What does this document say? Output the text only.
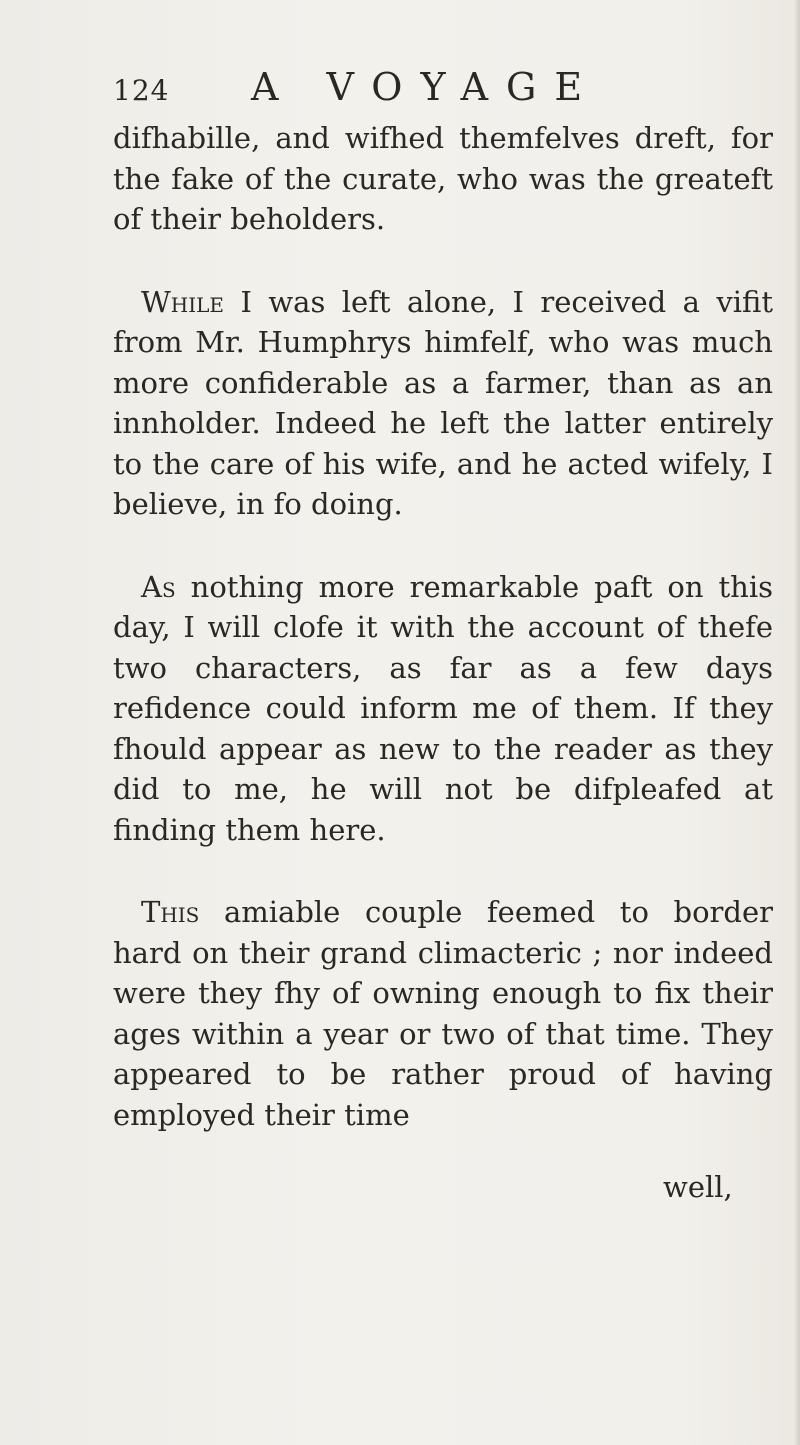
124 A VOYAGE

difhabille, and wifhed themfelves dreft, for the fake of the curate, who was the greateft of their beholders.

While I was left alone, I received a vifit from Mr. Humphrys himfelf, who was much more confiderable as a farmer, than as an innholder. Indeed he left the latter entirely to the care of his wife, and he acted wifely, I believe, in fo doing.

As nothing more remarkable paft on this day, I will clofe it with the account of thefe two characters, as far as a few days refidence could inform me of them. If they fhould appear as new to the reader as they did to me, he will not be difpleafed at finding them here.

This amiable couple feemed to border hard on their grand climacteric ; nor indeed were they fhy of owning enough to fix their ages within a year or two of that time. They appeared to be rather proud of having employed their time

well,
